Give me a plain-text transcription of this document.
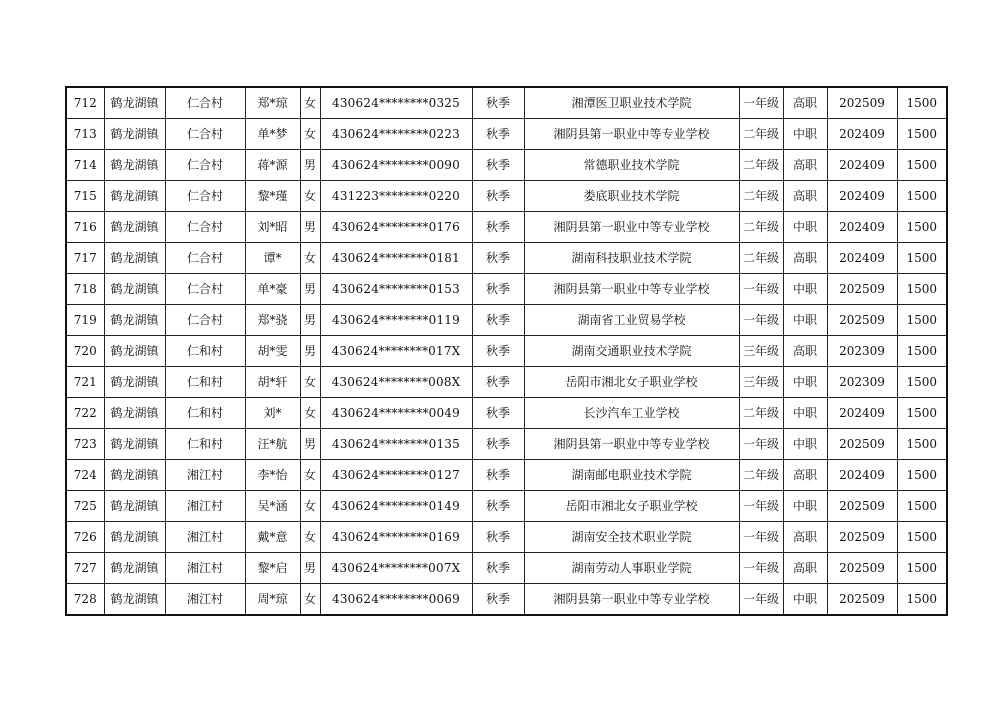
712	鹤龙湖镇	仁合村	郑*琼	女	430624********0325	秋季	湘潭医卫职业技术学院	一年级	高职	202509	1500
713	鹤龙湖镇	仁合村	单*梦	女	430624********0223	秋季	湘阴县第一职业中等专业学校	二年级	中职	202409	1500
714	鹤龙湖镇	仁合村	蒋*源	男	430624********0090	秋季	常德职业技术学院	二年级	高职	202409	1500
715	鹤龙湖镇	仁合村	黎*瑾	女	431223********0220	秋季	娄底职业技术学院	二年级	高职	202409	1500
716	鹤龙湖镇	仁合村	刘*昭	男	430624********0176	秋季	湘阴县第一职业中等专业学校	二年级	中职	202409	1500
717	鹤龙湖镇	仁合村	谭*	女	430624********0181	秋季	湖南科技职业技术学院	二年级	高职	202409	1500
718	鹤龙湖镇	仁合村	单*豪	男	430624********0153	秋季	湘阴县第一职业中等专业学校	一年级	中职	202509	1500
719	鹤龙湖镇	仁合村	郑*骁	男	430624********0119	秋季	湖南省工业贸易学校	一年级	中职	202509	1500
720	鹤龙湖镇	仁和村	胡*雯	男	430624********017X	秋季	湖南交通职业技术学院	三年级	高职	202309	1500
721	鹤龙湖镇	仁和村	胡*轩	女	430624********008X	秋季	岳阳市湘北女子职业学校	三年级	中职	202309	1500
722	鹤龙湖镇	仁和村	刘*	女	430624********0049	秋季	长沙汽车工业学校	二年级	中职	202409	1500
723	鹤龙湖镇	仁和村	汪*航	男	430624********0135	秋季	湘阴县第一职业中等专业学校	一年级	中职	202509	1500
724	鹤龙湖镇	湘江村	李*怡	女	430624********0127	秋季	湖南邮电职业技术学院	二年级	高职	202409	1500
725	鹤龙湖镇	湘江村	吴*涵	女	430624********0149	秋季	岳阳市湘北女子职业学校	一年级	中职	202509	1500
726	鹤龙湖镇	湘江村	戴*意	女	430624********0169	秋季	湖南安全技术职业学院	一年级	高职	202509	1500
727	鹤龙湖镇	湘江村	黎*启	男	430624********007X	秋季	湖南劳动人事职业学院	一年级	高职	202509	1500
728	鹤龙湖镇	湘江村	周*琼	女	430624********0069	秋季	湘阴县第一职业中等专业学校	一年级	中职	202509	1500
